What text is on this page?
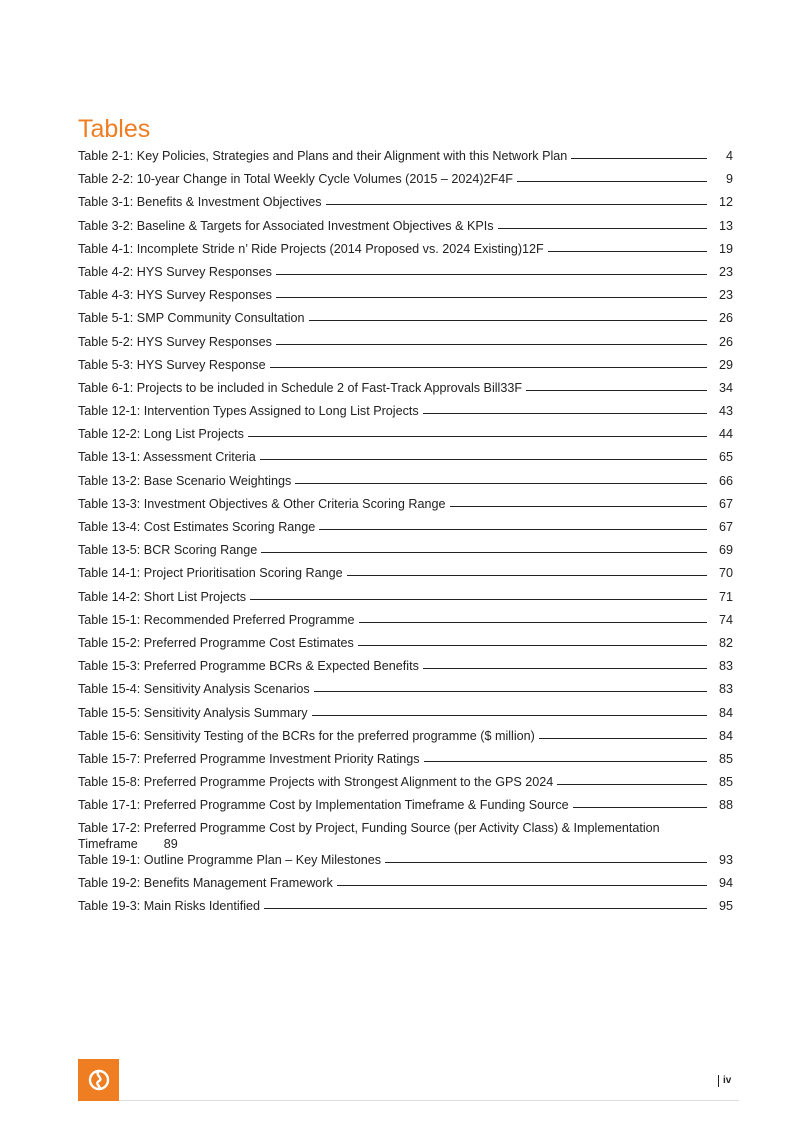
Tables
Table 2-1: Key Policies, Strategies and Plans and their Alignment with this Network Plan	4
Table 2-2: 10-year Change in Total Weekly Cycle Volumes (2015 – 2024)2F4F	9
Table 3-1: Benefits & Investment Objectives	12
Table 3-2: Baseline & Targets for Associated Investment Objectives & KPIs	13
Table 4-1: Incomplete Stride n’ Ride Projects (2014 Proposed vs. 2024 Existing)12F	19
Table 4-2: HYS Survey Responses	23
Table 4-3: HYS Survey Responses	23
Table 5-1: SMP Community Consultation	26
Table 5-2: HYS Survey Responses	26
Table 5-3: HYS Survey Response	29
Table 6-1: Projects to be included in Schedule 2 of Fast-Track Approvals Bill33F	34
Table 12-1: Intervention Types Assigned to Long List Projects	43
Table 12-2: Long List Projects	44
Table 13-1: Assessment Criteria	65
Table 13-2: Base Scenario Weightings	66
Table 13-3: Investment Objectives & Other Criteria Scoring Range	67
Table 13-4: Cost Estimates Scoring Range	67
Table 13-5: BCR Scoring Range	69
Table 14-1: Project Prioritisation Scoring Range	70
Table 14-2: Short List Projects	71
Table 15-1: Recommended Preferred Programme	74
Table 15-2: Preferred Programme Cost Estimates	82
Table 15-3: Preferred Programme BCRs & Expected Benefits	83
Table 15-4: Sensitivity Analysis Scenarios	83
Table 15-5: Sensitivity Analysis Summary	84
Table 15-6: Sensitivity Testing of the BCRs for the preferred programme ($ million)	84
Table 15-7: Preferred Programme Investment Priority Ratings	85
Table 15-8: Preferred Programme Projects with Strongest Alignment to the GPS 2024	85
Table 17-1: Preferred Programme Cost by Implementation Timeframe & Funding Source	88
Table 17-2: Preferred Programme Cost by Project, Funding Source (per Activity Class) & Implementation
Timeframe 89
Table 19-1: Outline Programme Plan – Key Milestones	93
Table 19-2: Benefits Management Framework	94
Table 19-3: Main Risks Identified	95
iv
